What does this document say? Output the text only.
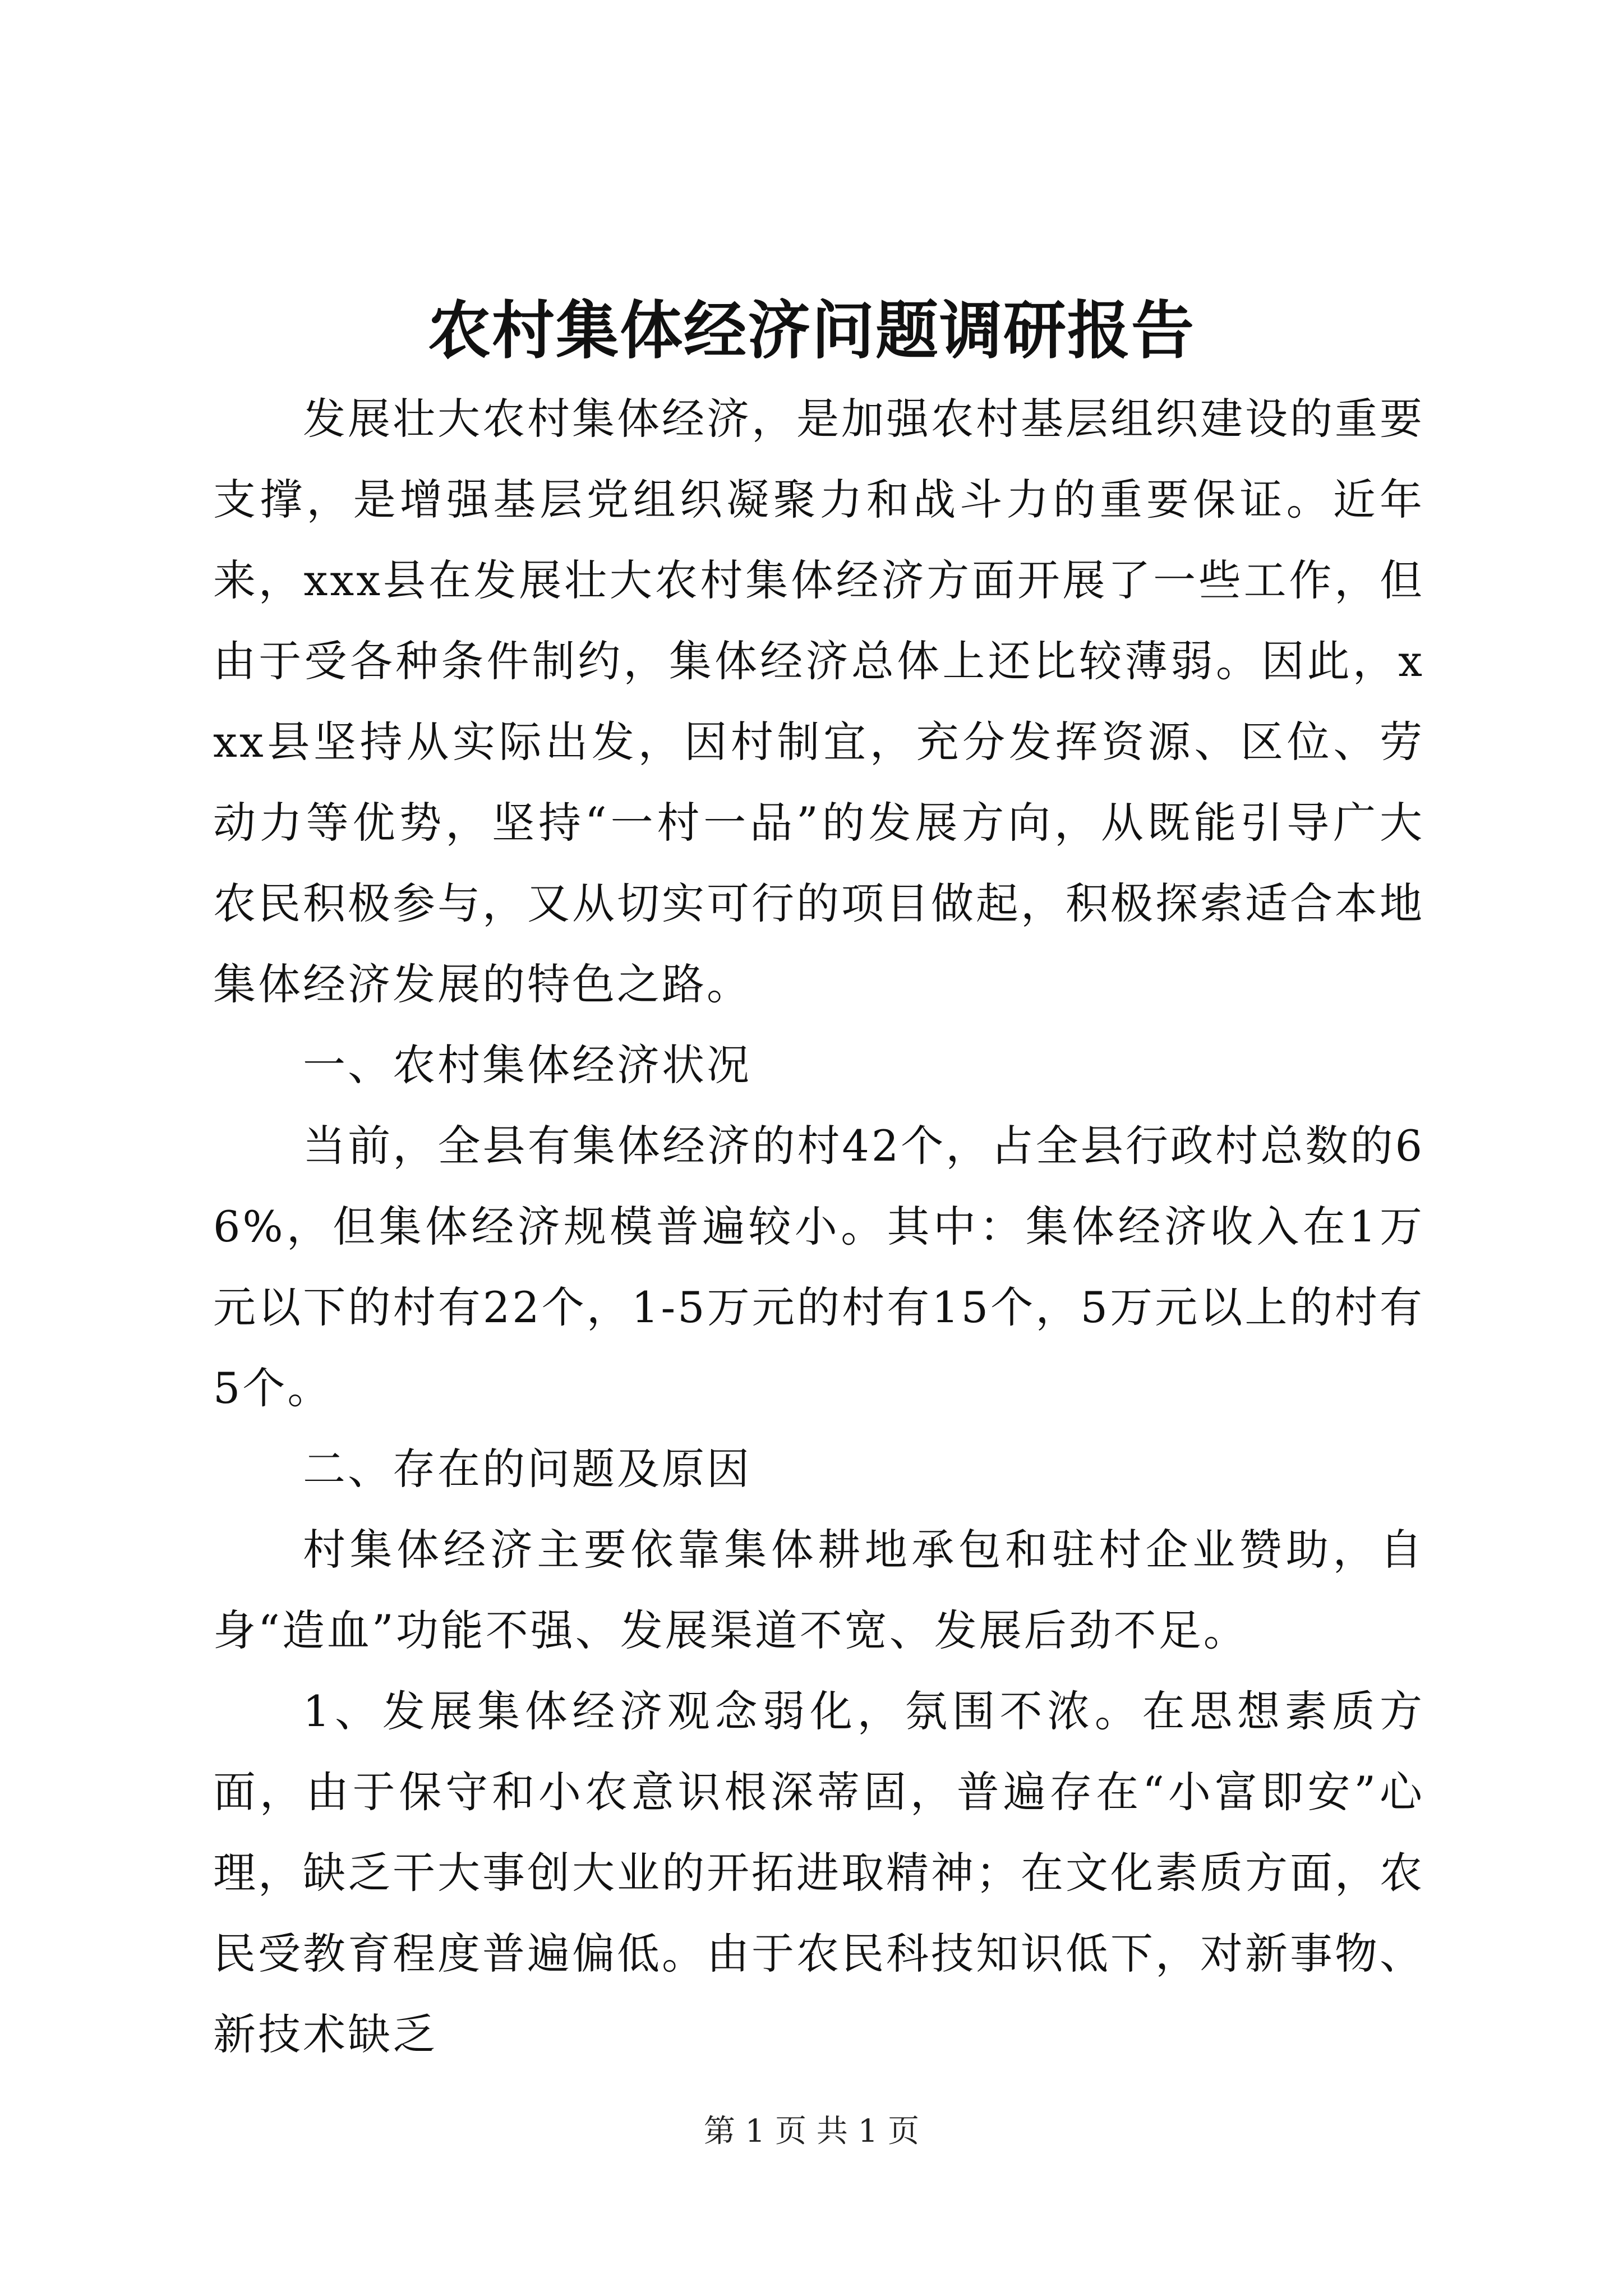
农村集体经济问题调研报告

发展壮大农村集体经济，是加强农村基层组织建设的重要支撑，是增强基层党组织凝聚力和战斗力的重要保证。近年来，xxx县在发展壮大农村集体经济方面开展了一些工作，但由于受各种条件制约，集体经济总体上还比较薄弱。因此，xxx县坚持从实际出发，因村制宜，充分发挥资源、区位、劳动力等优势，坚持“一村一品”的发展方向，从既能引导广大农民积极参与，又从切实可行的项目做起，积极探索适合本地集体经济发展的特色之路。

一、农村集体经济状况

当前，全县有集体经济的村42个，占全县行政村总数的66%，但集体经济规模普遍较小。其中：集体经济收入在1万元以下的村有22个，1-5万元的村有15个，5万元以上的村有5个。

二、存在的问题及原因

村集体经济主要依靠集体耕地承包和驻村企业赞助，自身“造血”功能不强、发展渠道不宽、发展后劲不足。

1、发展集体经济观念弱化，氛围不浓。在思想素质方面，由于保守和小农意识根深蒂固，普遍存在“小富即安”心理，缺乏干大事创大业的开拓进取精神；在文化素质方面，农民受教育程度普遍偏低。由于农民科技知识低下，对新事物、新技术缺乏

第 1 页 共 1 页
